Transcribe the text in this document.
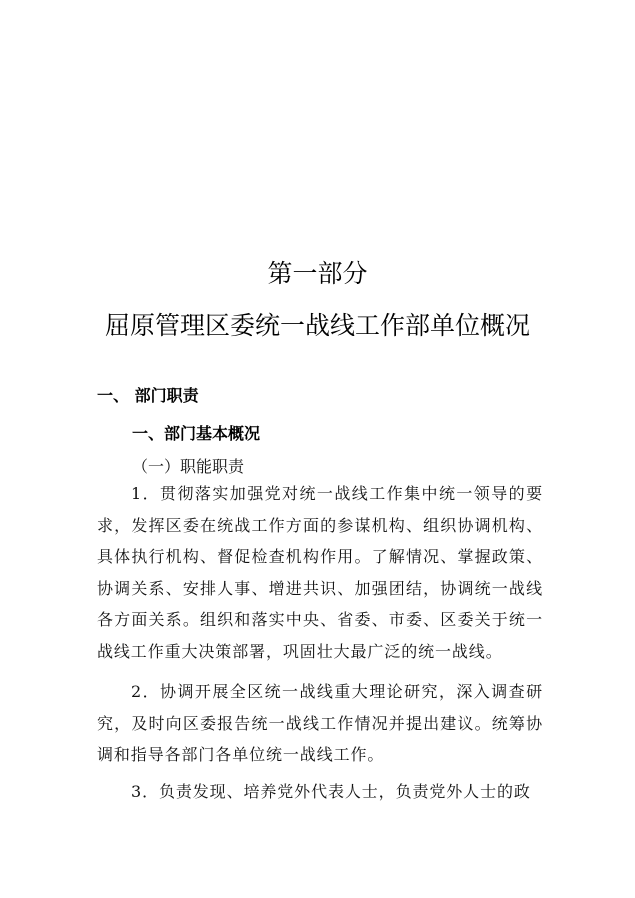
第一部分
屈原管理区委统一战线工作部单位概况
一、 部门职责
一、部门基本概况
（一）职能职责

1．贯彻落实加强党对统一战线工作集中统一领导的要求，发挥区委在统战工作方面的参谋机构、组织协调机构、具体执行机构、督促检查机构作用。了解情况、掌握政策、协调关系、安排人事、增进共识、加强团结，协调统一战线各方面关系。组织和落实中央、省委、市委、区委关于统一战线工作重大决策部署，巩固壮大最广泛的统一战线。

2．协调开展全区统一战线重大理论研究，深入调查研究，及时向区委报告统一战线工作情况并提出建议。统筹协调和指导各部门各单位统一战线工作。

3．负责发现、培养党外代表人士，负责党外人士的政
